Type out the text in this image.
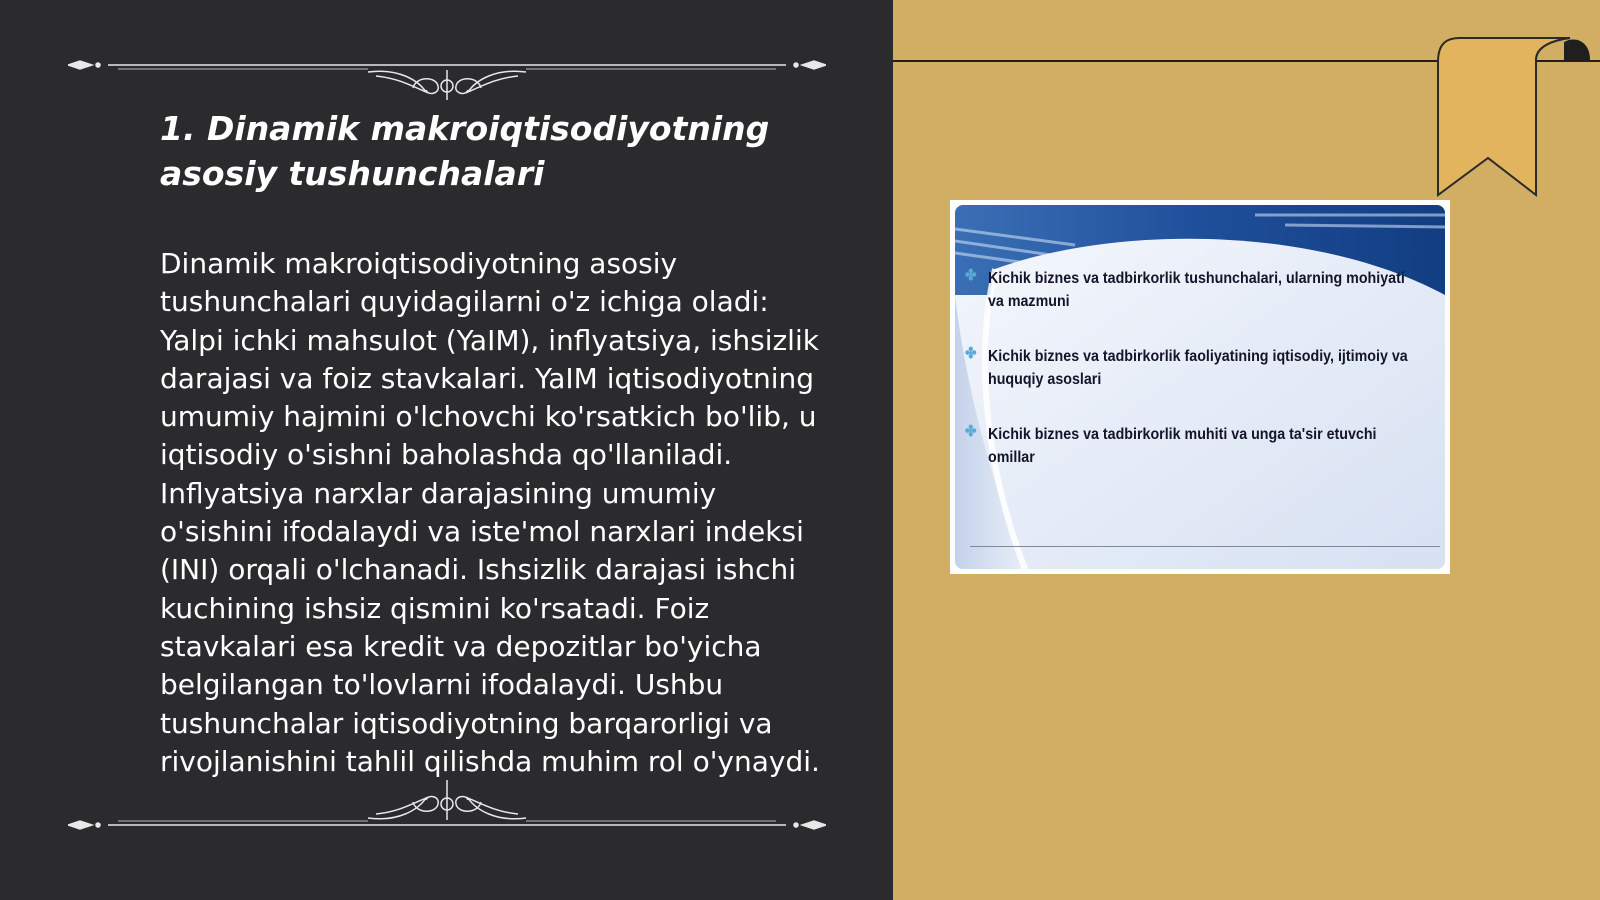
1. Dinamik makroiqtisodiyotning asosiy tushunchalari

Dinamik makroiqtisodiyotning asosiy tushunchalari quyidagilarni o'z ichiga oladi: Yalpi ichki mahsulot (YaIM), inflyatsiya, ishsizlik darajasi va foiz stavkalari. YaIM iqtisodiyotning umumiy hajmini o'lchovchi ko'rsatkich bo'lib, u iqtisodiy o'sishni baholashda qo'llaniladi. Inflyatsiya narxlar darajasining umumiy o'sishini ifodalaydi va iste'mol narxlari indeksi (INI) orqali o'lchanadi. Ishsizlik darajasi ishchi kuchining ishsiz qismini ko'rsatadi. Foiz stavkalari esa kredit va depozitlar bo'yicha belgilangan to'lovlarni ifodalaydi. Ushbu tushunchalar iqtisodiyotning barqarorligi va rivojlanishini tahlil qilishda muhim rol o'ynaydi.

✤ Kichik biznes va tadbirkorlik tushunchalari, ularning mohiyati va mazmuni
✤ Kichik biznes va tadbirkorlik faoliyatining iqtisodiy, ijtimoiy va huquqiy asoslari
✤ Kichik biznes va tadbirkorlik muhiti va unga ta'sir etuvchi omillar
